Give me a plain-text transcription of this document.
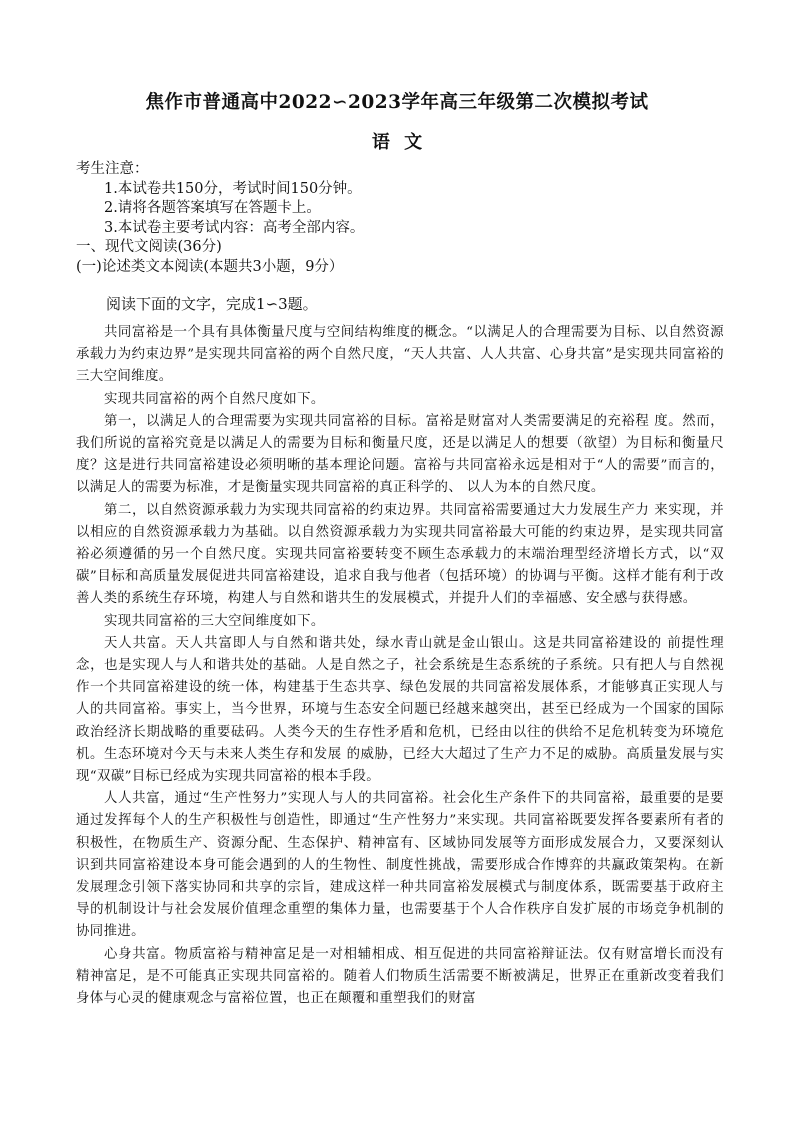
焦作市普通高中2022∽2023学年高三年级第二次模拟考试
语 文
考生注意：
1.本试卷共150分，考试时间150分钟。
2.请将各题答案填写在答题卡上。
3.本试卷主要考试内容：高考全部内容。
一、现代文阅读(36分)
(一)论述类文本阅读(本题共3小题，9分）
阅读下面的文字，完成1∽3题。

共同富裕是一个具有具体衡量尺度与空间结构维度的概念。“以满足人的合理需要为目标、以自然资源承载力为约束边界”是实现共同富裕的两个自然尺度，“天人共富、人人共富、心身共富”是实现共同富裕的三大空间维度。

实现共同富裕的两个自然尺度如下。

第一，以满足人的合理需要为实现共同富裕的目标。富裕是财富对人类需要满足的充裕程 度。然而，我们所说的富裕究竟是以满足人的需要为目标和衡量尺度，还是以满足人的想要（欲望）为目标和衡量尺度？这是进行共同富裕建设必须明晰的基本理论问题。富裕与共同富裕永远是相对于“人的需要”而言的，以满足人的需要为标准，才是衡量实现共同富裕的真正科学的、 以人为本的自然尺度。

第二，以自然资源承载力为实现共同富裕的约束边界。共同富裕需要通过大力发展生产力 来实现，并以相应的自然资源承载力为基础。以自然资源承载力为实现共同富裕最大可能的约束边界，是实现共同富裕必须遵循的另一个自然尺度。实现共同富裕要转变不顾生态承载力的末端治理型经济增长方式，以“双碳”目标和高质量发展促进共同富裕建设，追求自我与他者（包括环境）的协调与平衡。这样才能有利于改善人类的系统生存环境，构建人与自然和谐共生的发展模式，并提升人们的幸福感、安全感与获得感。

实现共同富裕的三大空间维度如下。

天人共富。天人共富即人与自然和谐共处，绿水青山就是金山银山。这是共同富裕建设的 前提性理念，也是实现人与人和谐共处的基础。人是自然之子，社会系统是生态系统的子系统。只有把人与自然视作一个共同富裕建设的统一体，构建基于生态共享、绿色发展的共同富裕发展体系，才能够真正实现人与人的共同富裕。事实上，当今世界，环境与生态安全问题已经越来越突出，甚至已经成为一个国家的国际政治经济长期战略的重要砝码。人类今天的生存性矛盾和危机，已经由以往的供给不足危机转变为环境危机。生态环境对今天与未来人类生存和发展 的威胁，已经大大超过了生产力不足的威胁。高质量发展与实现“双碳”目标已经成为实现共同富裕的根本手段。

人人共富，通过“生产性努力”实现人与人的共同富裕。社会化生产条件下的共同富裕，最重要的是要通过发挥每个人的生产积极性与创造性，即通过“生产性努力”来实现。共同富裕既要发挥各要素所有者的积极性，在物质生产、资源分配、生态保护、精神富有、区域协同发展等方面形成发展合力，又要深刻认识到共同富裕建设本身可能会遇到的人的生物性、制度性挑战，需要形成合作博弈的共赢政策架构。在新发展理念引领下落实协同和共享的宗旨，建成这样一种共同富裕发展模式与制度体系，既需要基于政府主导的机制设计与社会发展价值理念重塑的集体力量，也需要基于个人合作秩序自发扩展的市场竞争机制的协同推进。

心身共富。物质富裕与精神富足是一对相辅相成、相互促进的共同富裕辩证法。仅有财富增长而没有精神富足，是不可能真正实现共同富裕的。随着人们物质生活需要不断被满足，世界正在重新改变着我们身体与心灵的健康观念与富裕位置，也正在颠覆和重塑我们的财富
